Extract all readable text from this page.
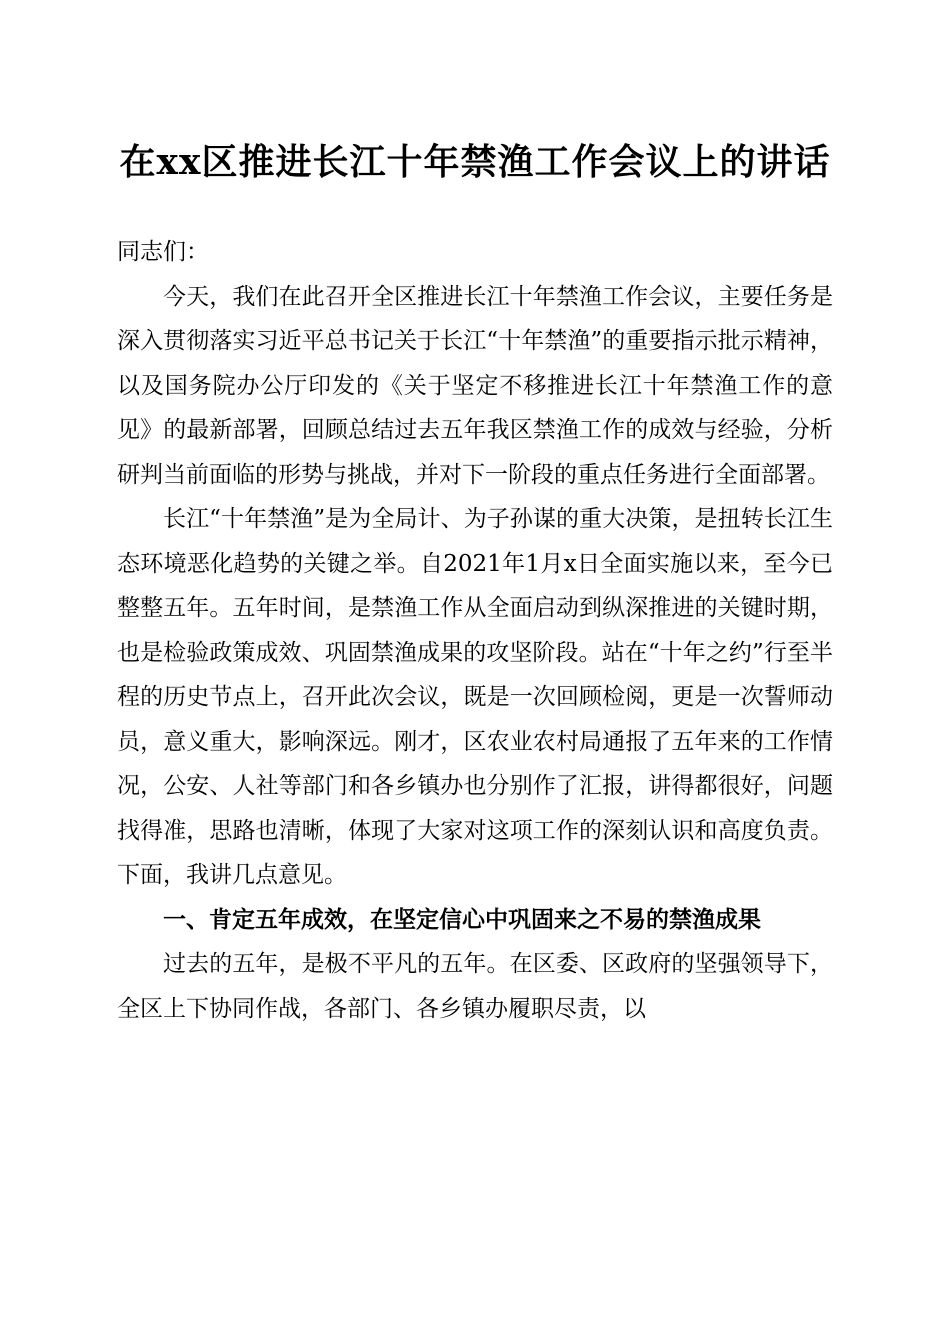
在xx区推进长江十年禁渔工作会议上的讲话

同志们：

今天，我们在此召开全区推进长江十年禁渔工作会议，主要任务是深入贯彻落实习近平总书记关于长江“十年禁渔”的重要指示批示精神，以及国务院办公厅印发的《关于坚定不移推进长江十年禁渔工作的意见》的最新部署，回顾总结过去五年我区禁渔工作的成效与经验，分析研判当前面临的形势与挑战，并对下一阶段的重点任务进行全面部署。

长江“十年禁渔”是为全局计、为子孙谋的重大决策，是扭转长江生态环境恶化趋势的关键之举。自2021年1月x日全面实施以来，至今已整整五年。五年时间，是禁渔工作从全面启动到纵深推进的关键时期，也是检验政策成效、巩固禁渔成果的攻坚阶段。站在“十年之约”行至半程的历史节点上，召开此次会议，既是一次回顾检阅，更是一次誓师动员，意义重大，影响深远。刚才，区农业农村局通报了五年来的工作情况，公安、人社等部门和各乡镇办也分别作了汇报，讲得都很好，问题找得准，思路也清晰，体现了大家对这项工作的深刻认识和高度负责。下面，我讲几点意见。

一、肯定五年成效，在坚定信心中巩固来之不易的禁渔成果

过去的五年，是极不平凡的五年。在区委、区政府的坚强领导下，全区上下协同作战，各部门、各乡镇办履职尽责，以
